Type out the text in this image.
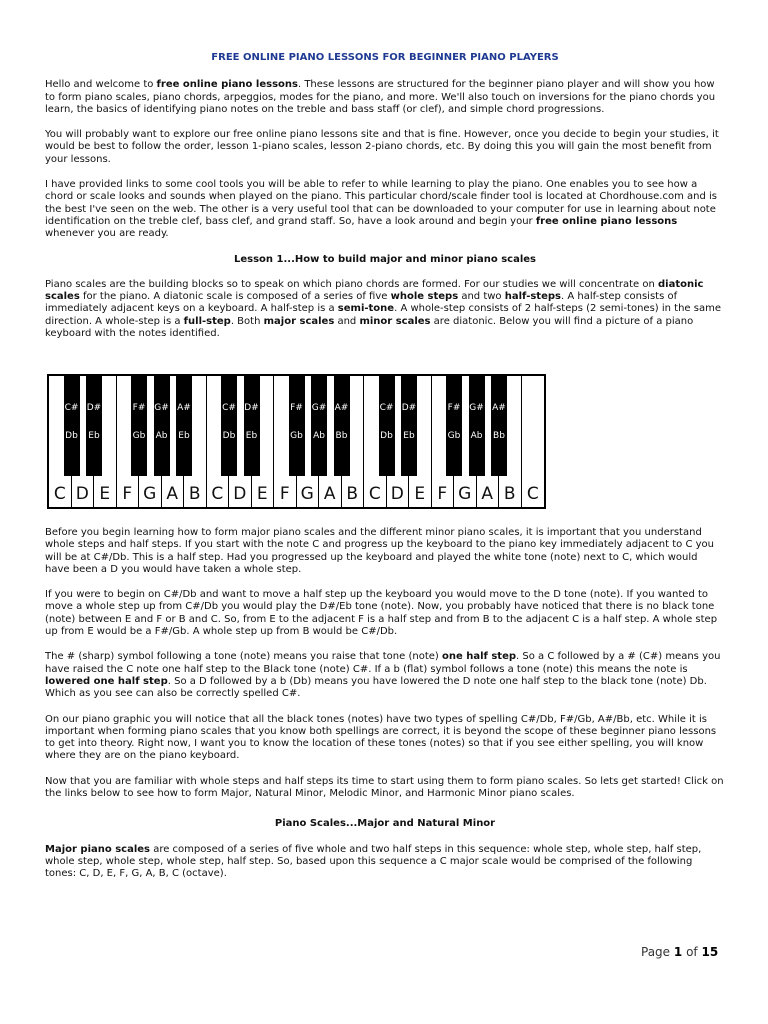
FREE ONLINE PIANO LESSONS FOR BEGINNER PIANO PLAYERS

Hello and welcome to free online piano lessons. These lessons are structured for the beginner piano player and will show you how to form piano scales, piano chords, arpeggios, modes for the piano, and more. We'll also touch on inversions for the piano chords you learn, the basics of identifying piano notes on the treble and bass staff (or clef), and simple chord progressions.

You will probably want to explore our free online piano lessons site and that is fine. However, once you decide to begin your studies, it would be best to follow the order, lesson 1-piano scales, lesson 2-piano chords, etc. By doing this you will gain the most benefit from your lessons.

I have provided links to some cool tools you will be able to refer to while learning to play the piano. One enables you to see how a chord or scale looks and sounds when played on the piano. This particular chord/scale finder tool is located at Chordhouse.com and is the best I've seen on the web. The other is a very useful tool that can be downloaded to your computer for use in learning about note identification on the treble clef, bass clef, and grand staff. So, have a look around and begin your free online piano lessons whenever you are ready.

Lesson 1...How to build major and minor piano scales

Piano scales are the building blocks so to speak on which piano chords are formed. For our studies we will concentrate on diatonic scales for the piano. A diatonic scale is composed of a series of five whole steps and two half-steps. A half-step consists of immediately adjacent keys on a keyboard. A half-step is a semi-tone. A whole-step consists of 2 half-steps (2 semi-tones) in the same direction. A whole-step is a full-step. Both major scales and minor scales are diatonic. Below you will find a picture of a piano keyboard with the notes identified.

C D E F G A B C D E F G A B C D E F G A B C
C#
Db
D#
Eb
F#
Gb
G#
Ab
A#
Eb
C#
Db
D#
Eb
F#
Gb
G#
Ab
A#
Bb
C#
Db
D#
Eb
F#
Gb
G#
Ab
A#
Bb

Before you begin learning how to form major piano scales and the different minor piano scales, it is important that you understand whole steps and half steps. If you start with the note C and progress up the keyboard to the piano key immediately adjacent to C you will be at C#/Db. This is a half step. Had you progressed up the keyboard and played the white tone (note) next to C, which would have been a D you would have taken a whole step.

If you were to begin on C#/Db and want to move a half step up the keyboard you would move to the D tone (note). If you wanted to move a whole step up from C#/Db you would play the D#/Eb tone (note). Now, you probably have noticed that there is no black tone (note) between E and F or B and C. So, from E to the adjacent F is a half step and from B to the adjacent C is a half step. A whole step up from E would be a F#/Gb. A whole step up from B would be C#/Db.

The # (sharp) symbol following a tone (note) means you raise that tone (note) one half step. So a C followed by a # (C#) means you have raised the C note one half step to the Black tone (note) C#. If a b (flat) symbol follows a tone (note) this means the note is lowered one half step. So a D followed by a b (Db) means you have lowered the D note one half step to the black tone (note) Db. Which as you see can also be correctly spelled C#.

On our piano graphic you will notice that all the black tones (notes) have two types of spelling C#/Db, F#/Gb, A#/Bb, etc. While it is important when forming piano scales that you know both spellings are correct, it is beyond the scope of these beginner piano lessons to get into theory. Right now, I want you to know the location of these tones (notes) so that if you see either spelling, you will know where they are on the piano keyboard.

Now that you are familiar with whole steps and half steps its time to start using them to form piano scales. So lets get started! Click on the links below to see how to form Major, Natural Minor, Melodic Minor, and Harmonic Minor piano scales.

Piano Scales...Major and Natural Minor

Major piano scales are composed of a series of five whole and two half steps in this sequence: whole step, whole step, half step, whole step, whole step, whole step, half step. So, based upon this sequence a C major scale would be comprised of the following tones: C, D, E, F, G, A, B, C (octave).

Page 1 of 15
